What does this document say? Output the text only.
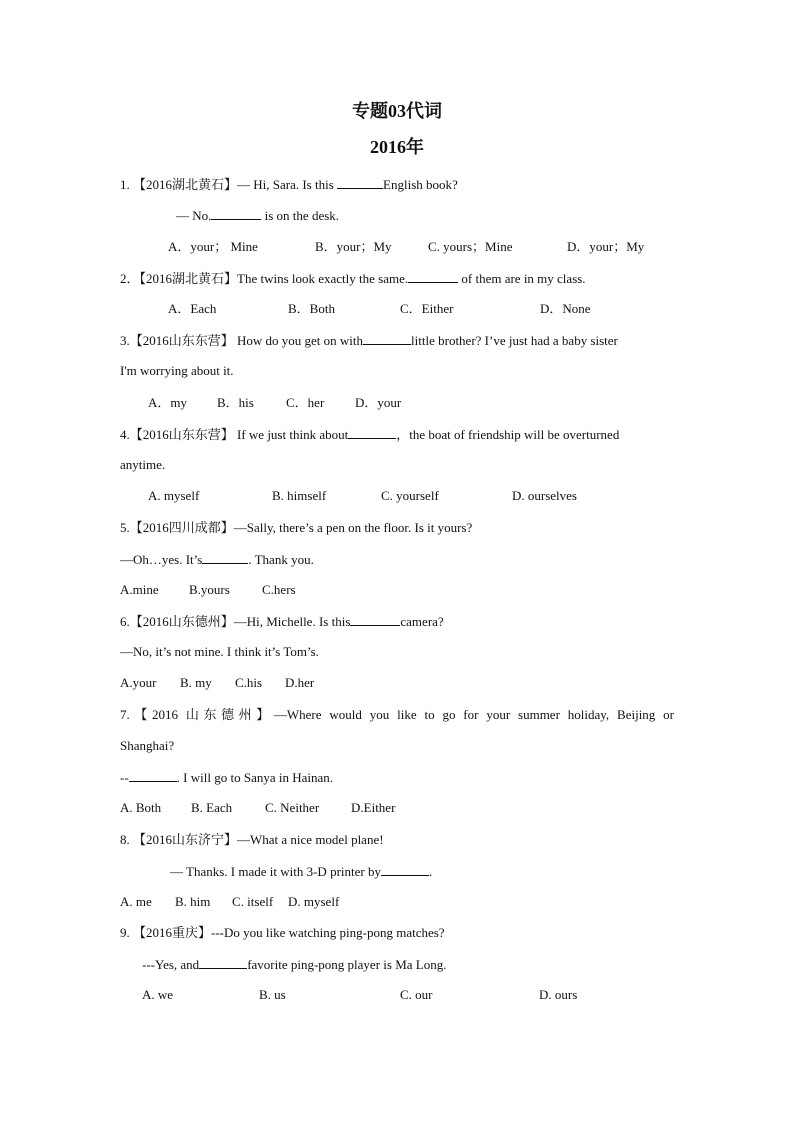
专题03代词
2016年
1. 【2016湖北黄石】— Hi, Sara. Is this	English book?
— No.	is on the desk.
A．your； Mine	B．your；My	C. yours；Mine	D．your；My
2．【2016湖北黄石】The twins look exactly the same.	of them are in my class.
A．Each	B．Both	C．Either	D．None
3.【2016山东东营】 How do you get on with	little brother? I’ve just had a baby sister
I'm worrying about it.
A．my B．his C．her D．your
4.【2016山东东营】 If we just think about	，the boat of friendship will be overturned
anytime.
A. myself	B. himself	C. yourself	D. ourselves
5.【2016四川成都】—Sally, there’s a pen on the floor. Is it yours?
—Oh…yes. It’s	. Thank you.
A.mine B.yours C.hers
6.【2016山东德州】—Hi, Michelle. Is this	camera?
—No, it’s not mine. I think it’s Tom’s.
A.your B. my C.his D.her
7.【2016 山东德州】—Where would you like to go for your summer holiday, Beijing or
Shanghai?
--	. I will go to Sanya in Hainan.
A. Both B. Each	C. Neither D.Either
8. 【2016山东济宁】—What a nice model plane!
— Thanks. I made it with 3-D printer by	.
A. me B. him C. itself D. myself
9. 【2016重庆】---Do you like watching ping-pong matches?
---Yes, and	favorite ping-pong player is Ma Long.
A. we	B. us	C. our	D. ours
